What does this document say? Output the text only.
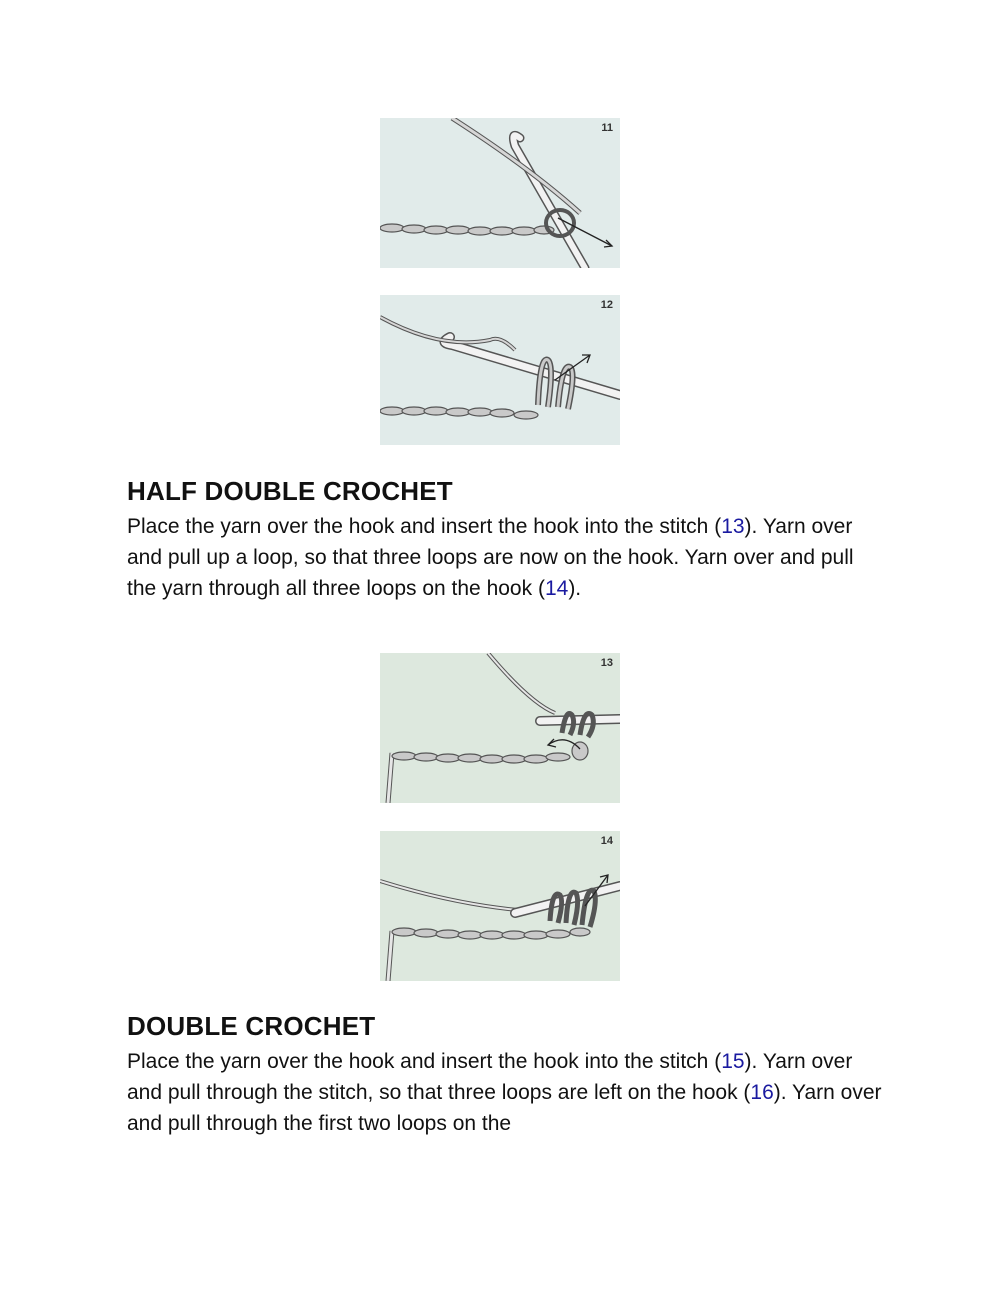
11
12
HALF DOUBLE CROCHET

Place the yarn over the hook and insert the hook into the stitch (13). Yarn over and pull up a loop, so that three loops are now on the hook. Yarn over and pull the yarn through all three loops on the hook (14).

13
14
DOUBLE CROCHET

Place the yarn over the hook and insert the hook into the stitch (15). Yarn over and pull through the stitch, so that three loops are left on the hook (16). Yarn over and pull through the first two loops on the
